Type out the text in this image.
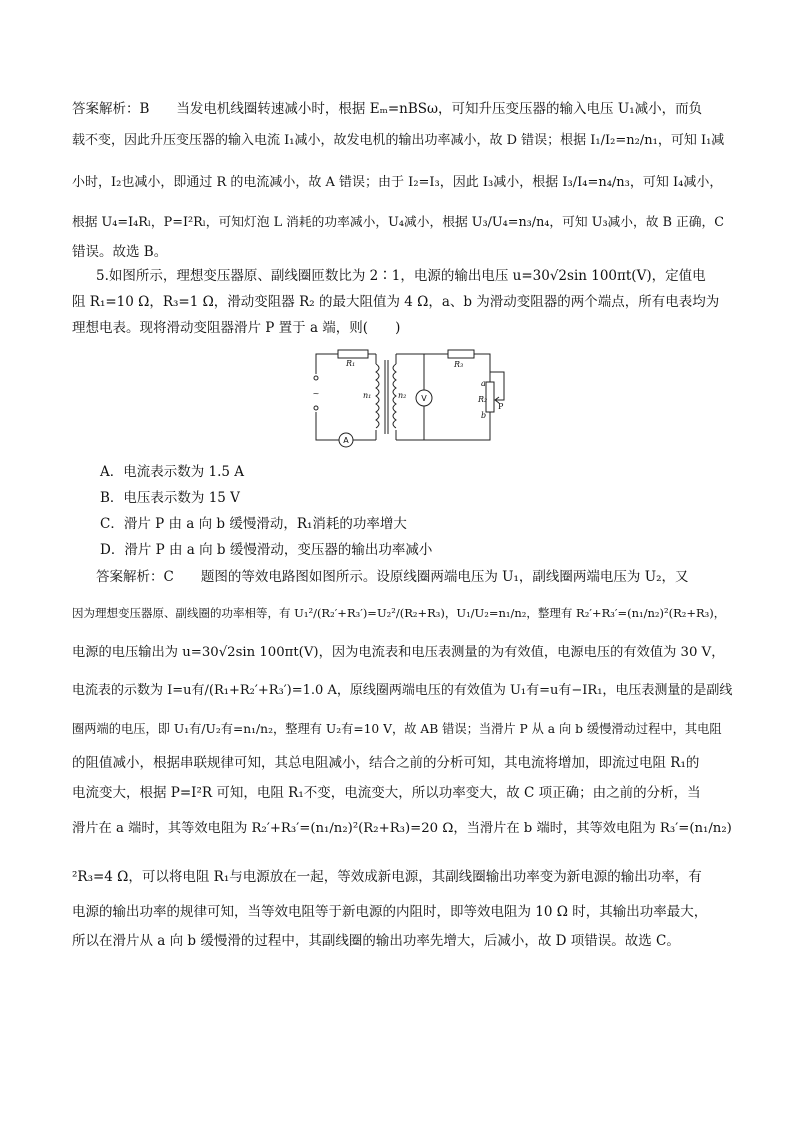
答案解析：B　　当发电机线圈转速减小时，根据 Eₘ=nBSω，可知升压变压器的输入电压 U₁减小，而负
载不变，因此升压变压器的输入电流 I₁减小，故发电机的输出功率减小，故 D 错误；根据 I₁/I₂=n₂/n₁，可知 I₁减
小时，I₂也减小，即通过 R 的电流减小，故 A 错误；由于 I₂=I₃，因此 I₃减小，根据 I₃/I₄=n₄/n₃，可知 I₄减小，
根据 U₄=I₄Rₗ，P=I²Rₗ，可知灯泡 L 消耗的功率减小，U₄减小，根据 U₃/U₄=n₃/n₄，可知 U₃减小，故 B 正确，C
错误。故选 B。
5.如图所示，理想变压器原、副线圈匝数比为 2∶1，电源的输出电压 u=30√2sin 100πt(V)，定值电
阻 R₁=10 Ω，R₃=1 Ω，滑动变阻器 R₂ 的最大阻值为 4 Ω，a、b 为滑动变阻器的两个端点，所有电表均为
理想电表。现将滑动变阻器滑片 P 置于 a 端，则(　　)
R₁	R₃
R₂
n₁	n₂
a
b
P
A
V
~
A．电流表示数为 1.5 A
B．电压表示数为 15 V
C．滑片 P 由 a 向 b 缓慢滑动，R₁消耗的功率增大
D．滑片 P 由 a 向 b 缓慢滑动，变压器的输出功率减小
答案解析：C　　题图的等效电路图如图所示。设原线圈两端电压为 U₁，副线圈两端电压为 U₂，又
因为理想变压器原、副线圈的功率相等，有 U₁²/(R₂′+R₃′)=U₂²/(R₂+R₃)，U₁/U₂=n₁/n₂，整理有 R₂′+R₃′=(n₁/n₂)²(R₂+R₃)，
电源的电压输出为 u=30√2sin 100πt(V)，因为电流表和电压表测量的为有效值，电源电压的有效值为 30 V，
电流表的示数为 I=u有/(R₁+R₂′+R₃′)=1.0 A，原线圈两端电压的有效值为 U₁有=u有−IR₁，电压表测量的是副线
圈两端的电压，即 U₁有/U₂有=n₁/n₂，整理有 U₂有=10 V，故 AB 错误；当滑片 P 从 a 向 b 缓慢滑动过程中，其电阻
的阻值减小，根据串联规律可知，其总电阻减小，结合之前的分析可知，其电流将增加，即流过电阻 R₁的
电流变大，根据 P=I²R 可知，电阻 R₁不变，电流变大，所以功率变大，故 C 项正确；由之前的分析，当
滑片在 a 端时，其等效电阻为 R₂′+R₃′=(n₁/n₂)²(R₂+R₃)=20 Ω，当滑片在 b 端时，其等效电阻为 R₃′=(n₁/n₂)
²R₃=4 Ω，可以将电阻 R₁与电源放在一起，等效成新电源，其副线圈输出功率变为新电源的输出功率，有
电源的输出功率的规律可知，当等效电阻等于新电源的内阻时，即等效电阻为 10 Ω 时，其输出功率最大，
所以在滑片从 a 向 b 缓慢滑的过程中，其副线圈的输出功率先增大，后减小，故 D 项错误。故选 C。
